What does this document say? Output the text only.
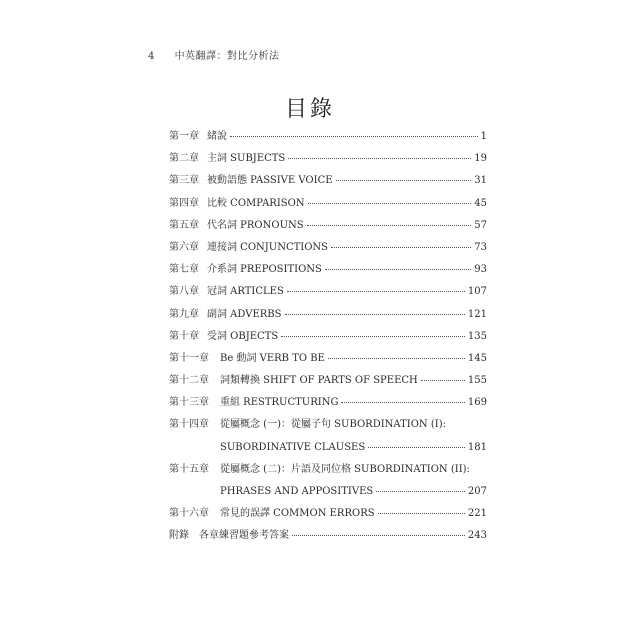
4 中英翻譯：對比分析法
目錄
第一章 緒說	1
第二章 主詞 SUBJECTS	19
第三章 被動語態 PASSIVE VOICE	31
第四章 比較 COMPARISON	45
第五章 代名詞 PRONOUNS	57
第六章 連接詞 CONJUNCTIONS	73
第七章 介系詞 PREPOSITIONS	93
第八章 冠詞 ARTICLES	107
第九章 副詞 ADVERBS	121
第十章 受詞 OBJECTS	135
第十一章	Be 動詞 VERB TO BE	145
第十二章	詞類轉換 SHIFT OF PARTS OF SPEECH	155
第十三章	重組 RESTRUCTURING	169
第十四章	從屬概念 (一)：從屬子句 SUBORDINATION (I):
SUBORDINATIVE CLAUSES	181
第十五章	從屬概念 (二)：片語及同位格 SUBORDINATION (II):
PHRASES AND APPOSITIVES	207
第十六章	常見的誤譯 COMMON ERRORS	221
附錄	各章練習題參考答案	243
